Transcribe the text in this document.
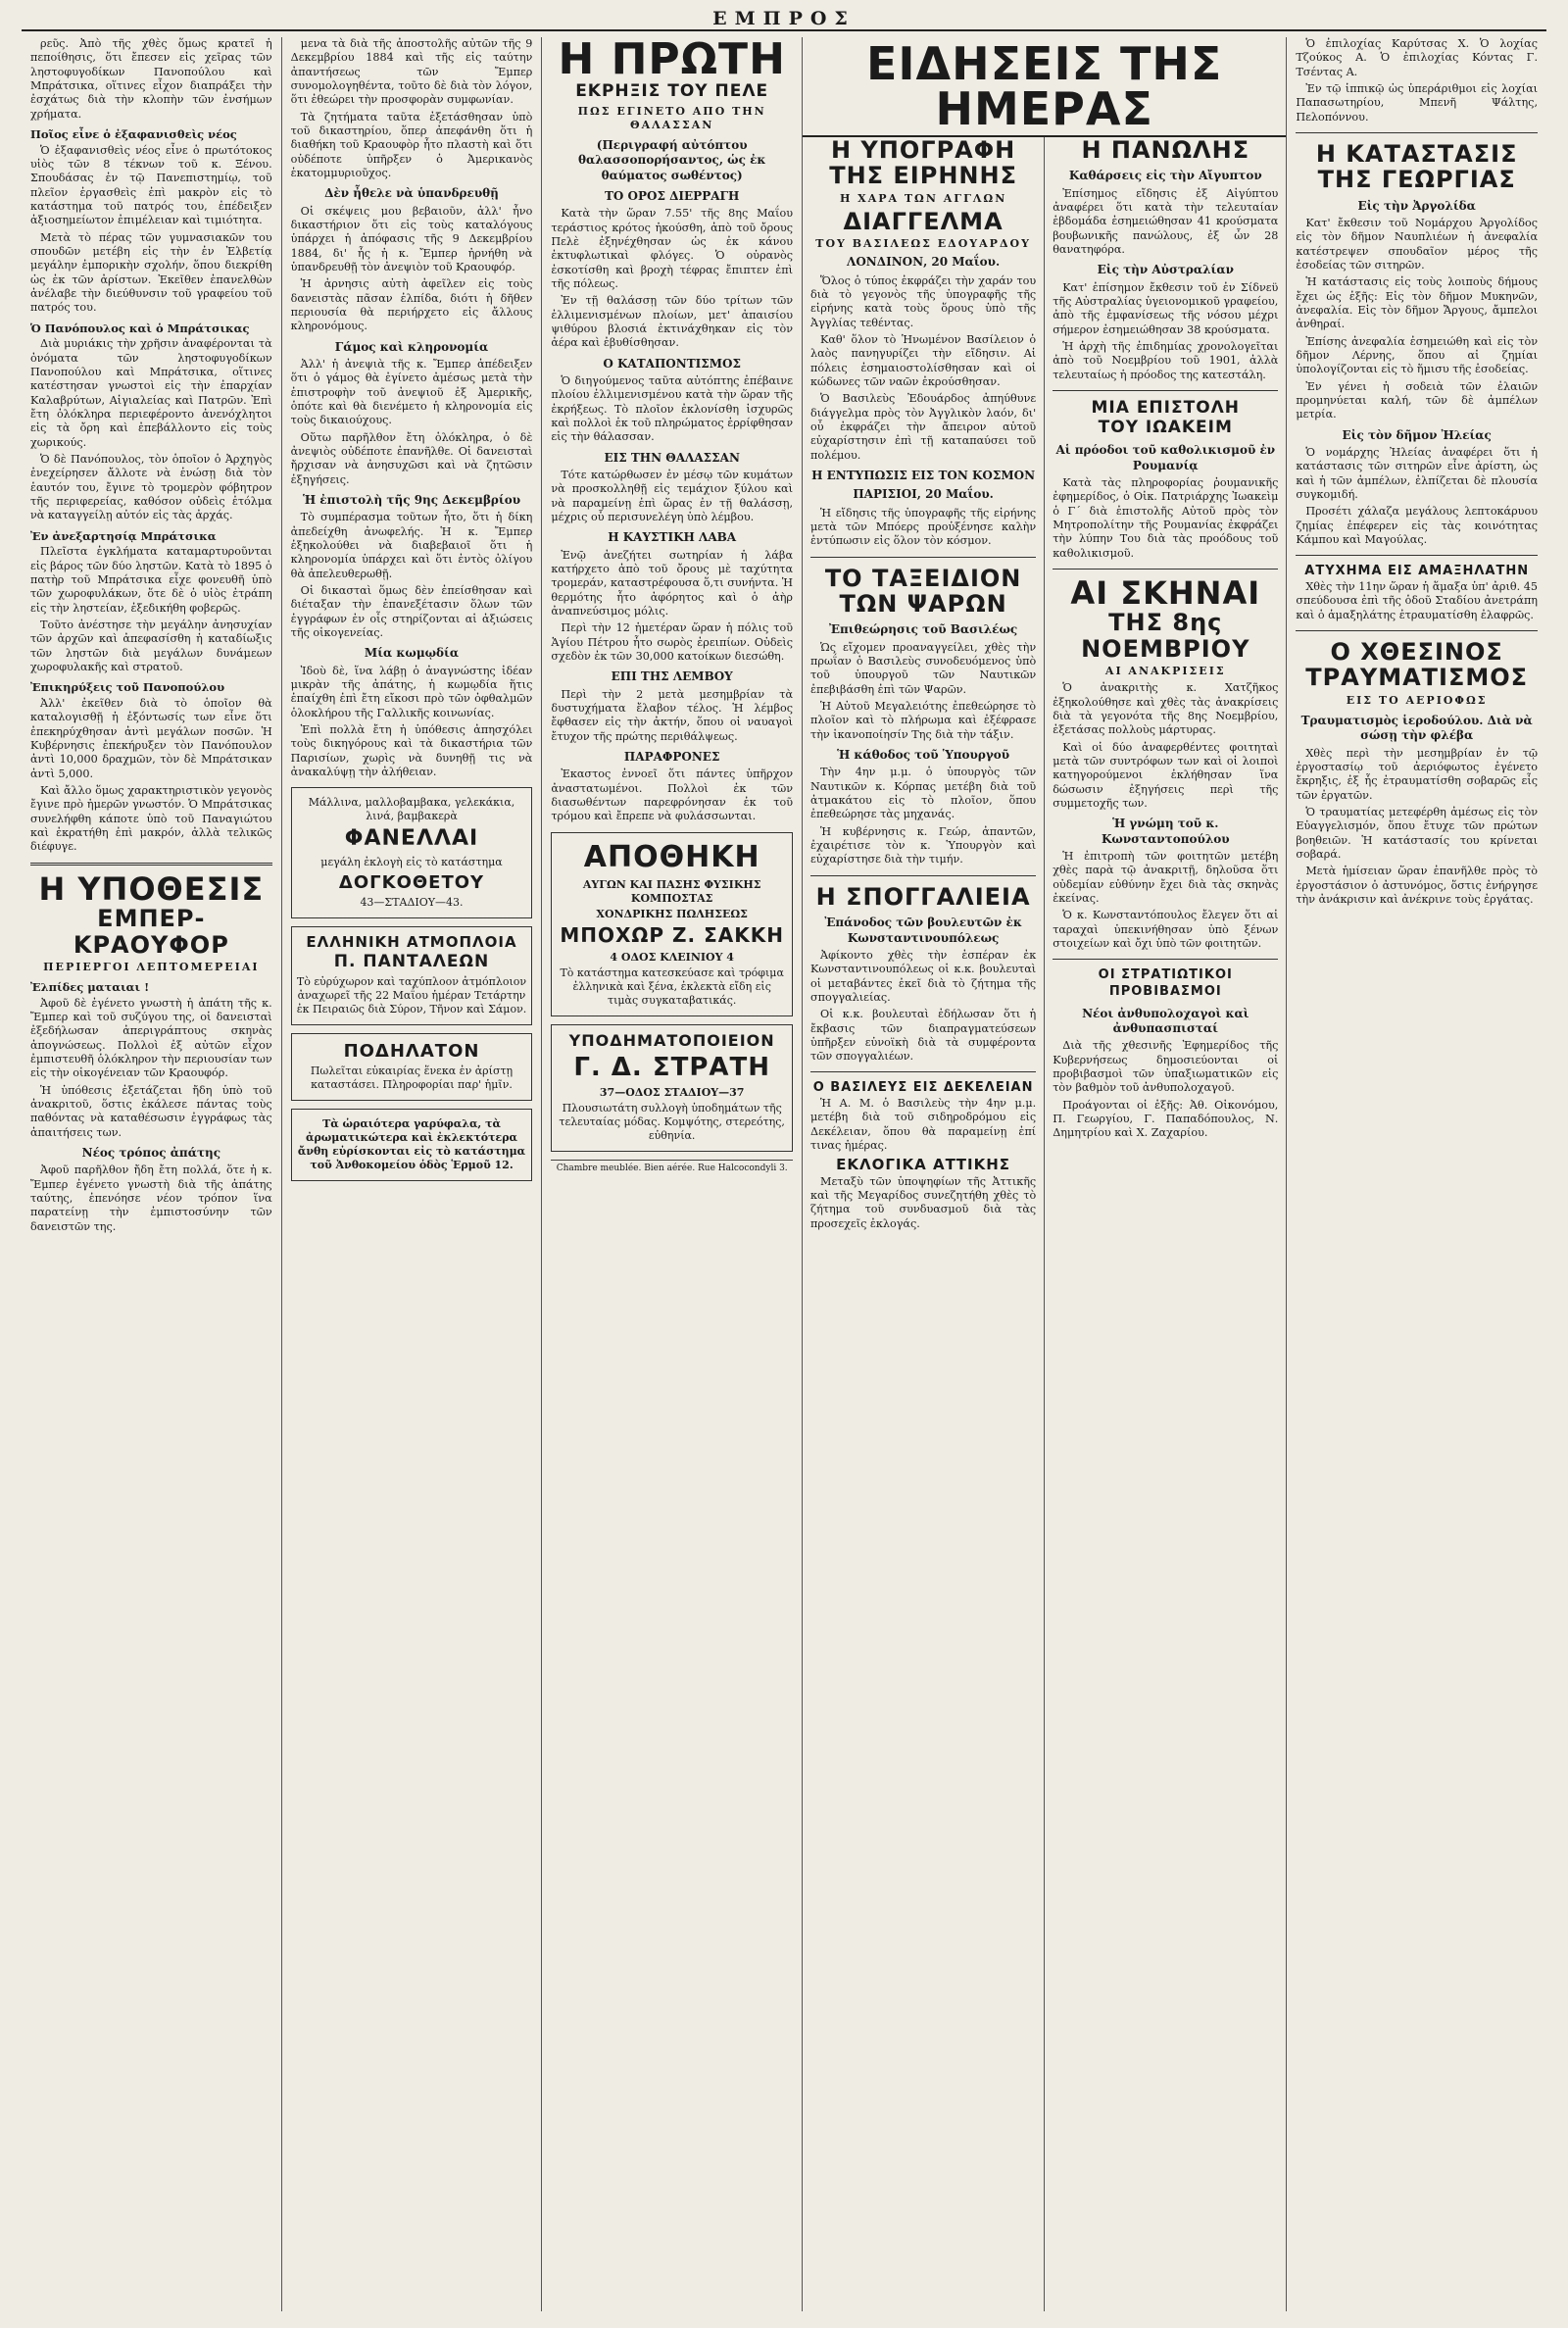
ΕΜΠΡΟΣ

ρεῦς. Ἀπὸ τῆς χθὲς ὅμως κρατεῖ ἡ πεποίθησις, ὅτι ἔπεσεν εἰς χεῖρας τῶν ληστοφυγοδίκων Πανοπούλου καὶ Μπράτσικα, οἵτινες εἶχον διαπράξει τὴν ἐσχάτως διὰ τὴν κλοπὴν τῶν ἐνσήμων χρήματα.

Ποῖος εἶνε ὁ ἐξαφανισθεὶς νέος

Ὁ ἐξαφανισθεὶς νέος εἶνε ὁ πρωτότοκος υἱὸς τῶν 8 τέκνων τοῦ κ. Ξένου. Σπουδάσας ἐν τῷ Πανεπιστημίῳ, τοῦ πλεῖον ἐργασθεὶς ἐπὶ μακρὸν εἰς τὸ κατάστημα τοῦ πατρός του, ἐπέδειξεν ἀξιοσημείωτον ἐπιμέλειαν καὶ τιμιότητα.

Μετὰ τὸ πέρας τῶν γυμνασιακῶν του σπουδῶν μετέβη εἰς τὴν ἐν Ἑλβετίᾳ μεγάλην ἐμπορικὴν σχολήν, ὅπου διεκρίθη ὡς ἐκ τῶν ἀρίστων. Ἐκεῖθεν ἐπανελθὼν ἀνέλαβε τὴν διεύθυνσιν τοῦ γραφείου τοῦ πατρός του.

Ὁ Πανόπουλος καὶ ὁ Μπράτσικας

Διὰ μυριάκις τὴν χρῆσιν ἀναφέρονται τὰ ὀνόματα τῶν ληστοφυγοδίκων Πανοπούλου καὶ Μπράτσικα, οἵτινες κατέστησαν γνωστοὶ εἰς τὴν ἐπαρχίαν Καλαβρύτων, Αἰγιαλείας καὶ Πατρῶν. Ἐπὶ ἔτη ὁλόκληρα περιεφέροντο ἀνενόχλητοι εἰς τὰ ὄρη καὶ ἐπεβάλλοντο εἰς τοὺς χωρικούς.

Ὁ δὲ Πανόπουλος, τὸν ὁποῖον ὁ Ἀρχηγὸς ἐνεχείρησεν ἄλλοτε νὰ ἐνώσῃ διὰ τὸν ἑαυτόν του, ἔγινε τὸ τρομερὸν φόβητρον τῆς περιφερείας, καθόσον οὐδεὶς ἐτόλμα νὰ καταγγείλῃ αὐτόν εἰς τὰς ἀρχάς.

Ἐν ἀνεξαρτησίᾳ Μπράτσικα

Πλεῖστα ἐγκλήματα καταμαρτυροῦνται εἰς βάρος τῶν δύο ληστῶν. Κατὰ τὸ 1895 ὁ πατὴρ τοῦ Μπράτσικα εἶχε φονευθῆ ὑπὸ τῶν χωροφυλάκων, ὅτε δὲ ὁ υἱὸς ἐτράπη εἰς τὴν ληστείαν, ἐξεδικήθη φοβερῶς.

Τοῦτο ἀνέστησε τὴν μεγάλην ἀνησυχίαν τῶν ἀρχῶν καὶ ἀπεφασίσθη ἡ καταδίωξις τῶν ληστῶν διὰ μεγάλων δυνάμεων χωροφυλακῆς καὶ στρατοῦ.

Ἐπικηρύξεις τοῦ Πανοπούλου

Ἀλλ' ἐκεῖθεν διὰ τὸ ὁποῖον θὰ καταλογισθῇ ἡ ἐξόντωσίς των εἶνε ὅτι ἐπεκηρύχθησαν ἀντὶ μεγάλων ποσῶν. Ἡ Κυβέρνησις ἐπεκήρυξεν τὸν Πανόπουλον ἀντὶ 10,000 δραχμῶν, τὸν δὲ Μπράτσικαν ἀντὶ 5,000.

Καὶ ἄλλο ὅμως χαρακτηριστικὸν γεγονὸς ἔγινε πρὸ ἡμερῶν γνωστόν. Ὁ Μπράτσικας συνελήφθη κάποτε ὑπὸ τοῦ Παναγιώτου καὶ ἐκρατήθη ἐπὶ μακρόν, ἀλλὰ τελικῶς διέφυγε.

Η ΥΠΟΘΕΣΙΣ
ΕΜΠΕΡ-ΚΡΑΟΥΦΟΡ
ΠΕΡΙΕΡΓΟΙ ΛΕΠΤΟΜΕΡΕΙΑΙ
Ἐλπίδες ματαιαι !

Ἀφοῦ δὲ ἐγένετο γνωστὴ ἡ ἀπάτη τῆς κ. Ἔμπερ καὶ τοῦ συζύγου της, οἱ δανεισταὶ ἐξεδήλωσαν ἀπεριγράπτους σκηνὰς ἀπογνώσεως. Πολλοὶ ἐξ αὐτῶν εἶχον ἐμπιστευθῆ ὁλόκληρον τὴν περιουσίαν των εἰς τὴν οἰκογένειαν τῶν Κραουφόρ.

Ἡ ὑπόθεσις ἐξετάζεται ἤδη ὑπὸ τοῦ ἀνακριτοῦ, ὅστις ἐκάλεσε πάντας τοὺς παθόντας νὰ καταθέσωσιν ἐγγράφως τὰς ἀπαιτήσεις των.

Νέος τρόπος ἀπάτης

Ἀφοῦ παρῆλθον ἤδη ἔτη πολλά, ὅτε ἡ κ. Ἔμπερ ἐγένετο γνωστὴ διὰ τῆς ἀπάτης ταύτης, ἐπενόησε νέον τρόπον ἵνα παρατείνῃ τὴν ἐμπιστοσύνην τῶν δανειστῶν της.

μενα τὰ διὰ τῆς ἀποστολῆς αὐτῶν τῆς 9 Δεκεμβρίου 1884 καὶ τῆς εἰς ταύτην ἀπαντήσεως τῶν Ἔμπερ συνομολογηθέντα, τοῦτο δὲ διὰ τὸν λόγον, ὅτι ἐθεώρει τὴν προσφορὰν συμφωνίαν.

Τὰ ζητήματα ταῦτα ἐξετάσθησαν ὑπὸ τοῦ δικαστηρίου, ὅπερ ἀπεφάνθη ὅτι ἡ διαθήκη τοῦ Κραουφὸρ ἦτο πλαστὴ καὶ ὅτι οὐδέποτε ὑπῆρξεν ὁ Ἀμερικανὸς ἑκατομμυριοῦχος.

Δὲν ἦθελε νὰ ὑπανδρευθῇ

Οἱ σκέψεις μου βεβαιοῦν, ἀλλ' ἦνο δικαστήριον ὅτι εἰς τοὺς καταλόγους ὑπάρχει ἡ ἀπόφασις τῆς 9 Δεκεμβρίου 1884, δι' ἧς ἡ κ. Ἔμπερ ἠρνήθη νὰ ὑπανδρευθῇ τὸν ἀνεψιὸν τοῦ Κραουφόρ.

Ἡ ἀρνησις αὐτὴ ἀφεῖλεν εἰς τοὺς δανειστὰς πᾶσαν ἐλπίδα, διότι ἡ δῆθεν περιουσία θὰ περιήρχετο εἰς ἄλλους κληρονόμους.

Γάμος καὶ κληρονομία

Ἀλλ' ἡ ἀνεψιὰ τῆς κ. Ἔμπερ ἀπέδειξεν ὅτι ὁ γάμος θὰ ἐγίνετο ἀμέσως μετὰ τὴν ἐπιστροφὴν τοῦ ἀνεψιοῦ ἐξ Ἀμερικῆς, ὁπότε καὶ θὰ διενέμετο ἡ κληρονομία εἰς τοὺς δικαιούχους.

Οὕτω παρῆλθον ἔτη ὁλόκληρα, ὁ δὲ ἀνεψιὸς οὐδέποτε ἐπανῆλθε. Οἱ δανεισταὶ ἤρχισαν νὰ ἀνησυχῶσι καὶ νὰ ζητῶσιν ἐξηγήσεις.

Ἡ ἐπιστολὴ τῆς 9ης Δεκεμβρίου

Τὸ συμπέρασμα τοῦτων ἦτο, ὅτι ἡ δίκη ἀπεδείχθη ἀνωφελής. Ἡ κ. Ἔμπερ ἐξηκολούθει νὰ διαβεβαιοῖ ὅτι ἡ κληρονομία ὑπάρχει καὶ ὅτι ἐντὸς ὀλίγου θὰ ἀπελευθερωθῇ.

Οἱ δικασταὶ ὅμως δὲν ἐπείσθησαν καὶ διέταξαν τὴν ἐπανεξέτασιν ὅλων τῶν ἐγγράφων ἐν οἷς στηρίζονται αἱ ἀξιώσεις τῆς οἰκογενείας.

Μία κωμῳδία

Ἰδοὺ δὲ, ἵνα λάβῃ ὁ ἀναγνώστης ἰδέαν μικρὰν τῆς ἀπάτης, ἡ κωμῳδία ἥτις ἐπαίχθη ἐπὶ ἔτη εἴκοσι πρὸ τῶν ὀφθαλμῶν ὁλοκλήρου τῆς Γαλλικῆς κοινωνίας.

Ἐπὶ πολλὰ ἔτη ἡ ὑπόθεσις ἀπησχόλει τοὺς δικηγόρους καὶ τὰ δικαστήρια τῶν Παρισίων, χωρὶς νὰ δυνηθῇ τις νὰ ἀνακαλύψῃ τὴν ἀλήθειαν.

Μάλλινα, μαλλοβαμβακα, γελεκάκια, λινά, βαμβακερὰ
ΦΑΝΕΛΛΑΙ
μεγάλη ἐκλογὴ εἰς τὸ κατάστημα
ΔΟΓΚΟΘΕΤΟΥ
43—ΣΤΑΔΙΟΥ—43.
ΕΛΛΗΝΙΚΗ ΑΤΜΟΠΛΟΙΑ
Π. ΠΑΝΤΑΛΕΩΝ
Τὸ εὐρύχωρον καὶ ταχύπλοον ἀτμόπλοιον ἀναχωρεῖ τῆς 22 Μαΐου ἡμέραν Τετάρτην ἐκ Πειραιῶς διὰ Σύρον, Τῆνον καὶ Σάμον.
ΠΟΔΗΛΑΤΟΝ
Πωλεῖται εὐκαιρίας ἕνεκα ἐν ἀρίστῃ καταστάσει. Πληροφορίαι παρ' ἡμῖν.
Τὰ ὡραιότερα γαρύφαλα, τὰ ἀρωματικώτερα καὶ ἐκλεκτότερα ἄνθη εὑρίσκονται εἰς τὸ κατάστημα τοῦ Ἀνθοκομείου ὁδὸς Ἑρμοῦ 12.
Η ΠΡΩΤΗ
ΕΚΡΗΞΙΣ ΤΟΥ ΠΕΛΕ
ΠΩΣ ΕΓΙΝΕΤΟ ΑΠΟ ΤΗΝ ΘΑΛΑΣΣΑΝ
(Περιγραφή αὐτόπτου θαλασσοπορήσαντος, ὡς ἐκ θαύματος σωθέντος)
ΤΟ ΟΡΟΣ ΔΙΕΡΡΑΓΗ

Κατὰ τὴν ὥραν 7.55' τῆς 8ης Μαΐου τεράστιος κρότος ἠκούσθη, ἀπὸ τοῦ ὄρους Πελὲ ἐξηνέχθησαν ὡς ἐκ κάνου ἐκτυφλωτικαὶ φλόγες. Ὁ οὐρανὸς ἐσκοτίσθη καὶ βροχὴ τέφρας ἔπιπτεν ἐπὶ τῆς πόλεως.

Ἐν τῇ θαλάσσῃ τῶν δύο τρίτων τῶν ἐλλιμενισμένων πλοίων, μετ' ἀπαισίου ψιθύρου βλοσιά ἐκτινάχθηκαν εἰς τὸν ἀέρα καὶ ἐβυθίσθησαν.

Ο ΚΑΤΑΠΟΝΤΙΣΜΟΣ

Ὁ διηγούμενος ταῦτα αὐτόπτης ἐπέβαινε πλοίου ἐλλιμενισμένου κατὰ τὴν ὥραν τῆς ἐκρήξεως. Τὸ πλοῖον ἐκλονίσθη ἰσχυρῶς καὶ πολλοὶ ἐκ τοῦ πληρώματος ἐρρίφθησαν εἰς τὴν θάλασσαν.

ΕΙΣ ΤΗΝ ΘΑΛΑΣΣΑΝ

Τότε κατώρθωσεν ἐν μέσῳ τῶν κυμάτων νὰ προσκολληθῇ εἰς τεμάχιον ξύλου καὶ νὰ παραμείνῃ ἐπὶ ὥρας ἐν τῇ θαλάσσῃ, μέχρις οὗ περισυνελέγη ὑπὸ λέμβου.

Η ΚΑΥΣΤΙΚΗ ΛΑΒΑ

Ἐνῷ ἀνεζήτει σωτηρίαν ἡ λάβα κατήρχετο ἀπὸ τοῦ ὄρους μὲ ταχύτητα τρομεράν, καταστρέφουσα ὅ,τι συνήντα. Ἡ θερμότης ἦτο ἀφόρητος καὶ ὁ ἀὴρ ἀναπνεύσιμος μόλις.

Περὶ τὴν 12 ἡμετέραν ὥραν ἡ πόλις τοῦ Ἁγίου Πέτρου ἦτο σωρὸς ἐρειπίων. Οὐδεὶς σχεδὸν ἐκ τῶν 30,000 κατοίκων διεσώθη.

ΕΠΙ ΤΗΣ ΛΕΜΒΟΥ

Περὶ τὴν 2 μετὰ μεσημβρίαν τὰ δυστυχήματα ἔλαβον τέλος. Ἡ λέμβος ἔφθασεν εἰς τὴν ἀκτήν, ὅπου οἱ ναυαγοὶ ἔτυχον τῆς πρώτης περιθάλψεως.

ΠΑΡΑΦΡΟΝΕΣ

Ἐκαστος ἐννοεῖ ὅτι πάντες ὑπῆρχον ἀναστατωμένοι. Πολλοὶ ἐκ τῶν διασωθέντων παρεφρόνησαν ἐκ τοῦ τρόμου καὶ ἔπρεπε νὰ φυλάσσωνται.

ΑΠΟΘΗΚΗ
ΑΥΓΩΝ ΚΑΙ ΠΑΣΗΣ ΦΥΣΙΚΗΣ ΚΟΜΠΟΣΤΑΣ
ΧΟΝΔΡΙΚΗΣ ΠΩΛΗΣΕΩΣ
ΜΠΟΧΩΡ Ζ. ΣΑΚΚΗ
4 ΟΔΟΣ ΚΛΕΙΝΙΟΥ 4
Τὸ κατάστημα κατεσκεύασε καὶ τρόφιμα ἐλληνικὰ καὶ ξένα, ἐκλεκτὰ εἴδη εἰς τιμὰς συγκαταβατικάς.
ΥΠΟΔΗΜΑΤΟΠΟΙΕΙΟΝ
Γ. Δ. ΣΤΡΑΤΗ
37—ΟΔΟΣ ΣΤΑΔΙΟΥ—37
Πλουσιωτάτη συλλογὴ ὑποδημάτων τῆς τελευταίας μόδας. Κομψότης, στερεότης, εὐθηνία.
Chambre meublée. Bien aérée. Rue Halcocondyli 3.
ΕΙΔΗΣΕΙΣ ΤΗΣ ΗΜΕΡΑΣ
Η ΥΠΟΓΡΑΦΗ
ΤΗΣ ΕΙΡΗΝΗΣ
Η ΧΑΡΑ ΤΩΝ ΑΓΓΛΩΝ
ΔΙΑΓΓΕΛΜΑ
ΤΟΥ ΒΑΣΙΛΕΩΣ ΕΔΟΥΑΡΔΟΥ
ΛΟΝΔΙΝΟΝ, 20 Μαΐου.

Ὅλος ὁ τύπος ἐκφράζει τὴν χαράν του διὰ τὸ γεγονὸς τῆς ὑπογραφῆς τῆς εἰρήνης κατὰ τοὺς ὅρους ὑπὸ τῆς Ἀγγλίας τεθέντας.

Καθ' ὅλον τὸ Ἡνωμένον Βασίλειον ὁ λαὸς πανηγυρίζει τὴν εἴδησιν. Αἱ πόλεις ἐσημαιοστολίσθησαν καὶ οἱ κώδωνες τῶν ναῶν ἐκρούσθησαν.

Ὁ Βασιλεὺς Ἐδουάρδος ἀπηύθυνε διάγγελμα πρὸς τὸν Ἀγγλικὸν λαόν, δι' οὗ ἐκφράζει τὴν ἄπειρον αὐτοῦ εὐχαρίστησιν ἐπὶ τῇ καταπαύσει τοῦ πολέμου.

Η ΕΝΤΥΠΩΣΙΣ ΕΙΣ ΤΟΝ ΚΟΣΜΟΝ
ΠΑΡΙΣΙΟΙ, 20 Μαΐου.

Ἡ εἴδησις τῆς ὑπογραφῆς τῆς εἰρήνης μετὰ τῶν Μπόερς προὐξένησε καλὴν ἐντύπωσιν εἰς ὅλον τὸν κόσμον.

ΤΟ ΤΑΞΕΙΔΙΟΝ
ΤΩΝ ΨΑΡΩΝ
Ἐπιθεώρησις τοῦ Βασιλέως

Ὡς εἴχομεν προαναγγείλει, χθὲς τὴν πρωΐαν ὁ Βασιλεὺς συνοδευόμενος ὑπὸ τοῦ ὑπουργοῦ τῶν Ναυτικῶν ἐπεβιβάσθη ἐπὶ τῶν Ψαρῶν.

Ἡ Αὐτοῦ Μεγαλειότης ἐπεθεώρησε τὸ πλοῖον καὶ τὸ πλήρωμα καὶ ἐξέφρασε τὴν ἱκανοποίησίν Της διὰ τὴν τάξιν.

Ἡ κάθοδος τοῦ Ὑπουργοῦ

Τὴν 4ην μ.μ. ὁ ὑπουργὸς τῶν Ναυτικῶν κ. Κόρπας μετέβη διὰ τοῦ ἀτμακάτου εἰς τὸ πλοῖον, ὅπου ἐπεθεώρησε τὰς μηχανάς.

Ἡ κυβέρνησις κ. Γεώρ, ἀπαντῶν, ἐχαιρέτισε τὸν κ. Ὑπουργὸν καὶ εὐχαρίστησε διὰ τὴν τιμήν.

Η ΣΠΟΓΓΑΛΙΕΙΑ
Ἐπάνοδος τῶν βουλευτῶν ἐκ Κωνσταντινουπόλεως

Ἀφίκοντο χθὲς τὴν ἑσπέραν ἐκ Κωνσταντινουπόλεως οἱ κ.κ. βουλευταὶ οἱ μεταβάντες ἐκεῖ διὰ τὸ ζήτημα τῆς σπογγαλιείας.

Οἱ κ.κ. βουλευταὶ ἐδήλωσαν ὅτι ἡ ἔκβασις τῶν διαπραγματεύσεων ὑπῆρξεν εὐνοϊκὴ διὰ τὰ συμφέροντα τῶν σπογγαλιέων.

Ο ΒΑΣΙΛΕΥΣ ΕΙΣ ΔΕΚΕΛΕΙΑΝ

Ἡ Α. Μ. ὁ Βασιλεὺς τὴν 4ην μ.μ. μετέβη διὰ τοῦ σιδηροδρόμου εἰς Δεκέλειαν, ὅπου θὰ παραμείνῃ ἐπί τινας ἡμέρας.

ΕΚΛΟΓΙΚΑ ΑΤΤΙΚΗΣ

Μεταξὺ τῶν ὑποψηφίων τῆς Ἀττικῆς καὶ τῆς Μεγαρίδος συνεζητήθη χθὲς τὸ ζήτημα τοῦ συνδυασμοῦ διὰ τὰς προσεχεῖς ἐκλογάς.

Η ΠΑΝΩΛΗΣ
Καθάρσεις εἰς τὴν Αἴγυπτον

Ἐπίσημος εἴδησις ἐξ Αἰγύπτου ἀναφέρει ὅτι κατὰ τὴν τελευταίαν ἑβδομάδα ἐσημειώθησαν 41 κρούσματα βουβωνικῆς πανώλους, ἐξ ὧν 28 θανατηφόρα.

Εἰς τὴν Αὐστραλίαν

Κατ' ἐπίσημον ἔκθεσιν τοῦ ἐν Σίδνεϋ τῆς Αὐστραλίας ὑγειονομικοῦ γραφείου, ἀπὸ τῆς ἐμφανίσεως τῆς νόσου μέχρι σήμερον ἐσημειώθησαν 38 κρούσματα.

Ἡ ἀρχὴ τῆς ἐπιδημίας χρονολογεῖται ἀπὸ τοῦ Νοεμβρίου τοῦ 1901, ἀλλὰ τελευταίως ἡ πρόοδος της κατεστάλη.

ΜΙΑ ΕΠΙΣΤΟΛΗ
ΤΟΥ ΙΩΑΚΕΙΜ
Αἱ πρόοδοι τοῦ καθολικισμοῦ ἐν Ρουμανίᾳ

Κατὰ τὰς πληροφορίας ῥουμανικῆς ἐφημερίδος, ὁ Οἰκ. Πατριάρχης Ἰωακεὶμ ὁ Γ΄ διὰ ἐπιστολῆς Αὐτοῦ πρὸς τὸν Μητροπολίτην τῆς Ρουμανίας ἐκφράζει τὴν λύπην Του διὰ τὰς προόδους τοῦ καθολικισμοῦ.

ΑΙ ΣΚΗΝΑΙ
ΤΗΣ 8ης ΝΟΕΜΒΡΙΟΥ
ΑΙ ΑΝΑΚΡΙΣΕΙΣ

Ὁ ἀνακριτὴς κ. Χατζῆκος ἐξηκολούθησε καὶ χθὲς τὰς ἀνακρίσεις διὰ τὰ γεγονότα τῆς 8ης Νοεμβρίου, ἐξετάσας πολλοὺς μάρτυρας.

Καὶ οἱ δύο ἀναφερθέντες φοιτηταὶ μετὰ τῶν συντρόφων των καὶ οἱ λοιποὶ κατηγορούμενοι ἐκλήθησαν ἵνα δώσωσιν ἐξηγήσεις περὶ τῆς συμμετοχῆς των.

Ἡ γνώμη τοῦ κ. Κωνσταντοπούλου

Ἡ ἐπιτροπὴ τῶν φοιτητῶν μετέβη χθὲς παρὰ τῷ ἀνακριτῇ, δηλοῦσα ὅτι οὐδεμίαν εὐθύνην ἔχει διὰ τὰς σκηνὰς ἐκείνας.

Ὁ κ. Κωνσταντόπουλος ἔλεγεν ὅτι αἱ ταραχαὶ ὑπεκινήθησαν ὑπὸ ξένων στοιχείων καὶ ὄχι ὑπὸ τῶν φοιτητῶν.

ΟΙ ΣΤΡΑΤΙΩΤΙΚΟΙ ΠΡΟΒΙΒΑΣΜΟΙ
Νέοι ἀνθυπολοχαγοὶ καὶ ἀνθυπασπισταί

Διὰ τῆς χθεσινῆς Ἐφημερίδος τῆς Κυβερνήσεως δημοσιεύονται οἱ προβιβασμοὶ τῶν ὑπαξιωματικῶν εἰς τὸν βαθμὸν τοῦ ἀνθυπολοχαγοῦ.

Προάγονται οἱ ἑξῆς: Ἀθ. Οἰκονόμου, Π. Γεωργίου, Γ. Παπαδόπουλος, Ν. Δημητρίου καὶ Χ. Ζαχαρίου.

Ὁ ἐπιλοχίας Καρύτσας Χ. Ὁ λοχίας Τζούκος Α. Ὁ ἐπιλοχίας Κόντας Γ. Τσέντας Α.

Ἐν τῷ ἱππικῷ ὡς ὑπεράριθμοι εἰς λοχίαι Παπασωτηρίου, Μπενῆ Ψάλτης, Πελοπόννου.

Η ΚΑΤΑΣΤΑΣΙΣ
ΤΗΣ ΓΕΩΡΓΙΑΣ
Εἰς τὴν Ἀργολίδα

Κατ' ἔκθεσιν τοῦ Νομάρχου Ἀργολίδος εἰς τὸν δῆμον Ναυπλιέων ἡ ἀνεφαλία κατέστρεψεν σπουδαῖον μέρος τῆς ἐσοδείας τῶν σιτηρῶν.

Ἡ κατάστασις εἰς τοὺς λοιποὺς δήμους ἔχει ὡς ἑξῆς: Εἰς τὸν δῆμον Μυκηνῶν, ἀνεφαλία. Εἰς τὸν δῆμον Ἄργους, ἄμπελοι ἀνθηραί.

Ἐπίσης ἀνεφαλία ἐσημειώθη καὶ εἰς τὸν δῆμον Λέρνης, ὅπου αἱ ζημίαι ὑπολογίζονται εἰς τὸ ἥμισυ τῆς ἐσοδείας.

Ἐν γένει ἡ σοδειὰ τῶν ἐλαιῶν προμηνύεται καλή, τῶν δὲ ἀμπέλων μετρία.

Εἰς τὸν δῆμον Ἠλείας

Ὁ νομάρχης Ἠλείας ἀναφέρει ὅτι ἡ κατάστασις τῶν σιτηρῶν εἶνε ἀρίστη, ὡς καὶ ἡ τῶν ἀμπέλων, ἐλπίζεται δὲ πλουσία συγκομιδή.

Προσέτι χάλαζα μεγάλους λεπτοκάρυου ζημίας ἐπέφερεν εἰς τὰς κοινότητας Κάμπου καὶ Μαγούλας.

ΑΤΥΧΗΜΑ ΕΙΣ ΑΜΑΞΗΛΑΤΗΝ

Χθὲς τὴν 11ην ὥραν ἡ ἅμαξα ὑπ' ἀριθ. 45 σπεύδουσα ἐπὶ τῆς ὁδοῦ Σταδίου ἀνετράπη καὶ ὁ ἁμαξηλάτης ἐτραυματίσθη ἐλαφρῶς.

Ο ΧΘΕΣΙΝΟΣ
ΤΡΑΥΜΑΤΙΣΜΟΣ
ΕΙΣ ΤΟ ΑΕΡΙΟΦΩΣ
Τραυματισμὸς ἱεροδούλου. Διὰ νὰ σώσῃ τὴν φλέβα

Χθὲς περὶ τὴν μεσημβρίαν ἐν τῷ ἐργοστασίῳ τοῦ ἀεριόφωτος ἐγένετο ἔκρηξις, ἐξ ἧς ἐτραυματίσθη σοβαρῶς εἷς τῶν ἐργατῶν.

Ὁ τραυματίας μετεφέρθη ἀμέσως εἰς τὸν Εὐαγγελισμόν, ὅπου ἔτυχε τῶν πρώτων βοηθειῶν. Ἡ κατάστασίς του κρίνεται σοβαρά.

Μετὰ ἡμίσειαν ὥραν ἐπανῆλθε πρὸς τὸ ἐργοστάσιον ὁ ἀστυνόμος, ὅστις ἐνήργησε τὴν ἀνάκρισιν καὶ ἀνέκρινε τοὺς ἐργάτας.
